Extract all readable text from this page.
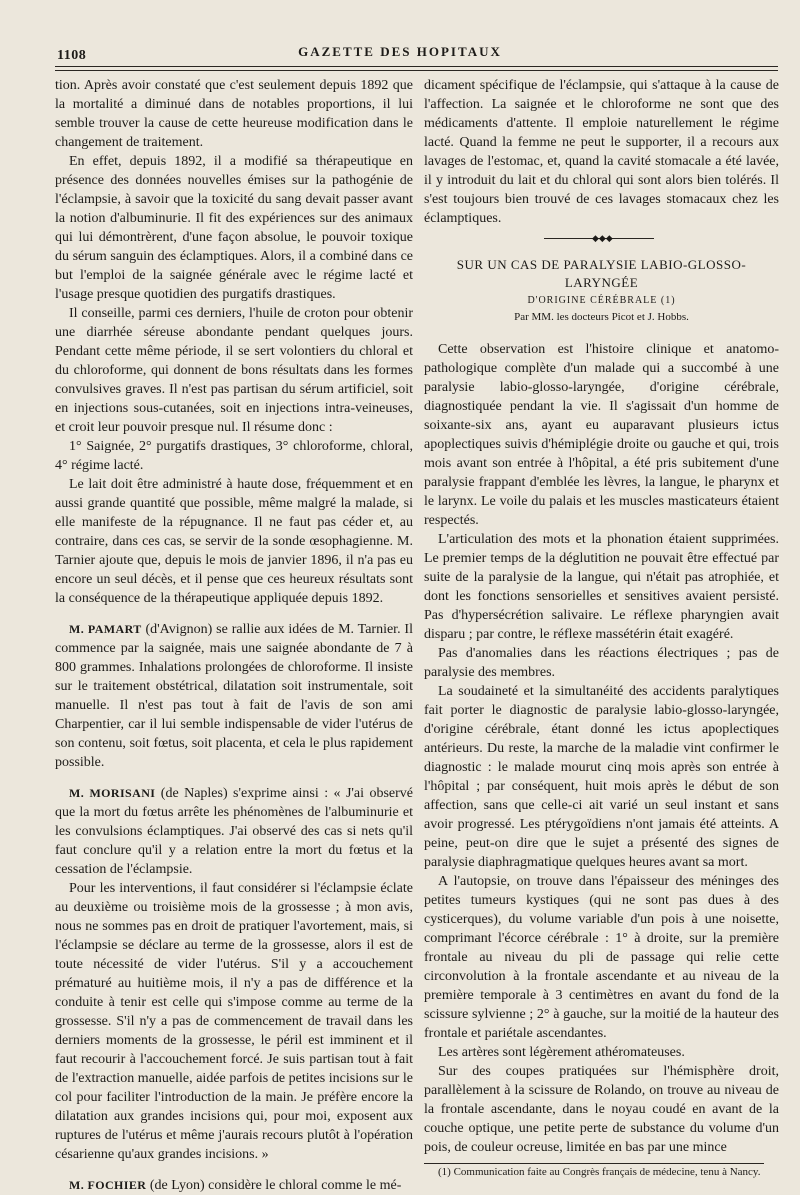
1108	GAZETTE DES HOPITAUX

tion. Après avoir constaté que c'est seulement depuis 1892 que la mortalité a diminué dans de notables proportions, il lui semble trouver la cause de cette heureuse modification dans le changement de traitement.

En effet, depuis 1892, il a modifié sa thérapeutique en présence des données nouvelles émises sur la pathogénie de l'éclampsie, à savoir que la toxicité du sang devait passer avant la notion d'albuminurie. Il fit des expériences sur des animaux qui lui démontrèrent, d'une façon absolue, le pouvoir toxique du sérum sanguin des éclamptiques. Alors, il a combiné dans ce but l'emploi de la saignée générale avec le régime lacté et l'usage presque quotidien des purgatifs drastiques.

Il conseille, parmi ces derniers, l'huile de croton pour obtenir une diarrhée séreuse abondante pendant quelques jours. Pendant cette même période, il se sert volontiers du chloral et du chloroforme, qui donnent de bons résultats dans les formes convulsives graves. Il n'est pas partisan du sérum artificiel, soit en injections sous-cutanées, soit en injections intra-veineuses, et croit leur pouvoir presque nul. Il résume donc :

1° Saignée, 2° purgatifs drastiques, 3° chloroforme, chloral, 4° régime lacté.

Le lait doit être administré à haute dose, fréquemment et en aussi grande quantité que possible, même malgré la malade, si elle manifeste de la répugnance. Il ne faut pas céder et, au contraire, dans ces cas, se servir de la sonde œsophagienne. M. Tarnier ajoute que, depuis le mois de janvier 1896, il n'a pas eu encore un seul décès, et il pense que ces heureux résultats sont la conséquence de la thérapeutique appliquée depuis 1892.

M. PAMART (d'Avignon) se rallie aux idées de M. Tarnier. Il commence par la saignée, mais une saignée abondante de 7 à 800 grammes. Inhalations prolongées de chloroforme. Il insiste sur le traitement obstétrical, dilatation soit instrumentale, soit manuelle. Il n'est pas tout à fait de l'avis de son ami Charpentier, car il lui semble indispensable de vider l'utérus de son contenu, soit fœtus, soit placenta, et cela le plus rapidement possible.

M. MORISANI (de Naples) s'exprime ainsi : « J'ai observé que la mort du fœtus arrête les phénomènes de l'albuminurie et les convulsions éclamptiques. J'ai observé des cas si nets qu'il faut conclure qu'il y a relation entre la mort du fœtus et la cessation de l'éclampsie.

Pour les interventions, il faut considérer si l'éclampsie éclate au deuxième ou troisième mois de la grossesse ; à mon avis, nous ne sommes pas en droit de pratiquer l'avortement, mais, si l'éclampsie se déclare au terme de la grossesse, alors il est de toute nécessité de vider l'utérus. S'il y a accouchement prématuré au huitième mois, il n'y a pas de différence et la conduite à tenir est celle qui s'impose comme au terme de la grossesse. S'il n'y a pas de commencement de travail dans les derniers moments de la grossesse, le péril est imminent et il faut recourir à l'accouchement forcé. Je suis partisan tout à fait de l'extraction manuelle, aidée parfois de petites incisions sur le col pour faciliter l'introduction de la main. Je préfère encore la dilatation aux grandes incisions qui, pour moi, exposent aux ruptures de l'utérus et même j'aurais recours plutôt à l'opération césarienne qu'aux grandes incisions. »

M. FOCHIER (de Lyon) considère le chloral comme le mé-

dicament spécifique de l'éclampsie, qui s'attaque à la cause de l'affection. La saignée et le chloroforme ne sont que des médicaments d'attente. Il emploie naturellement le régime lacté. Quand la femme ne peut le supporter, il a recours aux lavages de l'estomac, et, quand la cavité stomacale a été lavée, il y introduit du lait et du chloral qui sont alors bien tolérés. Il s'est toujours bien trouvé de ces lavages stomacaux chez les éclamptiques.

◆◆◆
SUR UN CAS DE PARALYSIE LABIO-GLOSSO-LARYNGÉE
D'ORIGINE CÉRÉBRALE (1)
Par MM. les docteurs Picot et J. Hobbs.

Cette observation est l'histoire clinique et anatomo-pathologique complète d'un malade qui a succombé à une paralysie labio-glosso-laryngée, d'origine cérébrale, diagnostiquée pendant la vie. Il s'agissait d'un homme de soixante-six ans, ayant eu auparavant plusieurs ictus apoplectiques suivis d'hémiplégie droite ou gauche et qui, trois mois avant son entrée à l'hôpital, a été pris subitement d'une paralysie frappant d'emblée les lèvres, la langue, le pharynx et le larynx. Le voile du palais et les muscles masticateurs étaient respectés.

L'articulation des mots et la phonation étaient supprimées. Le premier temps de la déglutition ne pouvait être effectué par suite de la paralysie de la langue, qui n'était pas atrophiée, et dont les fonctions sensorielles et sensitives avaient persisté. Pas d'hypersécrétion salivaire. Le réflexe pharyngien avait disparu ; par contre, le réflexe massétérin était exagéré.

Pas d'anomalies dans les réactions électriques ; pas de paralysie des membres.

La soudaineté et la simultanéité des accidents paralytiques fait porter le diagnostic de paralysie labio-glosso-laryngée, d'origine cérébrale, étant donné les ictus apoplectiques antérieurs. Du reste, la marche de la maladie vint confirmer le diagnostic : le malade mourut cinq mois après son entrée à l'hôpital ; par conséquent, huit mois après le début de son affection, sans que celle-ci ait varié un seul instant et sans avoir progressé. Les ptérygoïdiens n'ont jamais été atteints. A peine, peut-on dire que le sujet a présenté des signes de paralysie diaphragmatique quelques heures avant sa mort.

A l'autopsie, on trouve dans l'épaisseur des méninges des petites tumeurs kystiques (qui ne sont pas dues à des cysticerques), du volume variable d'un pois à une noisette, comprimant l'écorce cérébrale : 1° à droite, sur la première frontale au niveau du pli de passage qui relie cette circonvolution à la frontale ascendante et au niveau de la première temporale à 3 centimètres en avant du fond de la scissure sylvienne ; 2° à gauche, sur la moitié de la hauteur des frontale et pariétale ascendantes.

Les artères sont légèrement athéromateuses.

Sur des coupes pratiquées sur l'hémisphère droit, parallèlement à la scissure de Rolando, on trouve au niveau de la frontale ascendante, dans le noyau coudé en avant de la couche optique, une petite perte de substance du volume d'un pois, de couleur ocreuse, limitée en bas par une mince

(1) Communication faite au Congrès français de médecine, tenu à Nancy.
